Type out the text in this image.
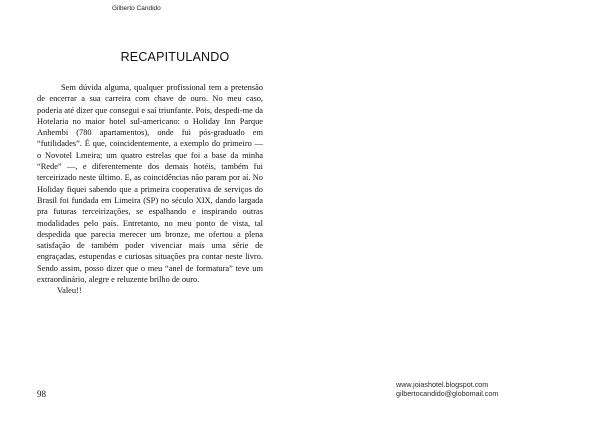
Gilberto Candido
RECAPITULANDO

Sem dúvida alguma, qualquer profissional tem a pretensão de encerrar a sua carreira com chave de ouro. No meu caso, poderia até dizer que consegui e saí triunfante. Pois, despedi-me da Hotelaria no maior hotel sul-americano: o Holiday Inn Parque Anhembi (780 apartamentos), onde fui pós-graduado em “futilidades”. É que, coincidentemente, a exemplo do primeiro — o Novotel Lmeira; um quatro estrelas que foi a base da minha “Rede” —, e diferentemente dos demais hotéis, também fui terceirizado neste último. E, as coincidências não param por aí. No Holiday fiquei sabendo que a primeira cooperativa de serviços do Brasil foi fundada em Limeira (SP) no século XIX, dando largada pra futuras terceirizações, se espalhando e inspirando outras modalidades pelo país. Entretanto, no meu ponto de vista, tal despedida que parecia merecer um bronze, me ofertou a plena satisfação de também poder vivenciar mais uma série de engraçadas, estupendas e curiosas situações pra contar neste livro. Sendo assim, posso dizer que o meu “anel de formatura” teve um extraordinário, alegre e reluzente brilho de ouro.

Valeu!!

98
www.joiashotel.blogspot.com
gilbertocandido@globomail.com
